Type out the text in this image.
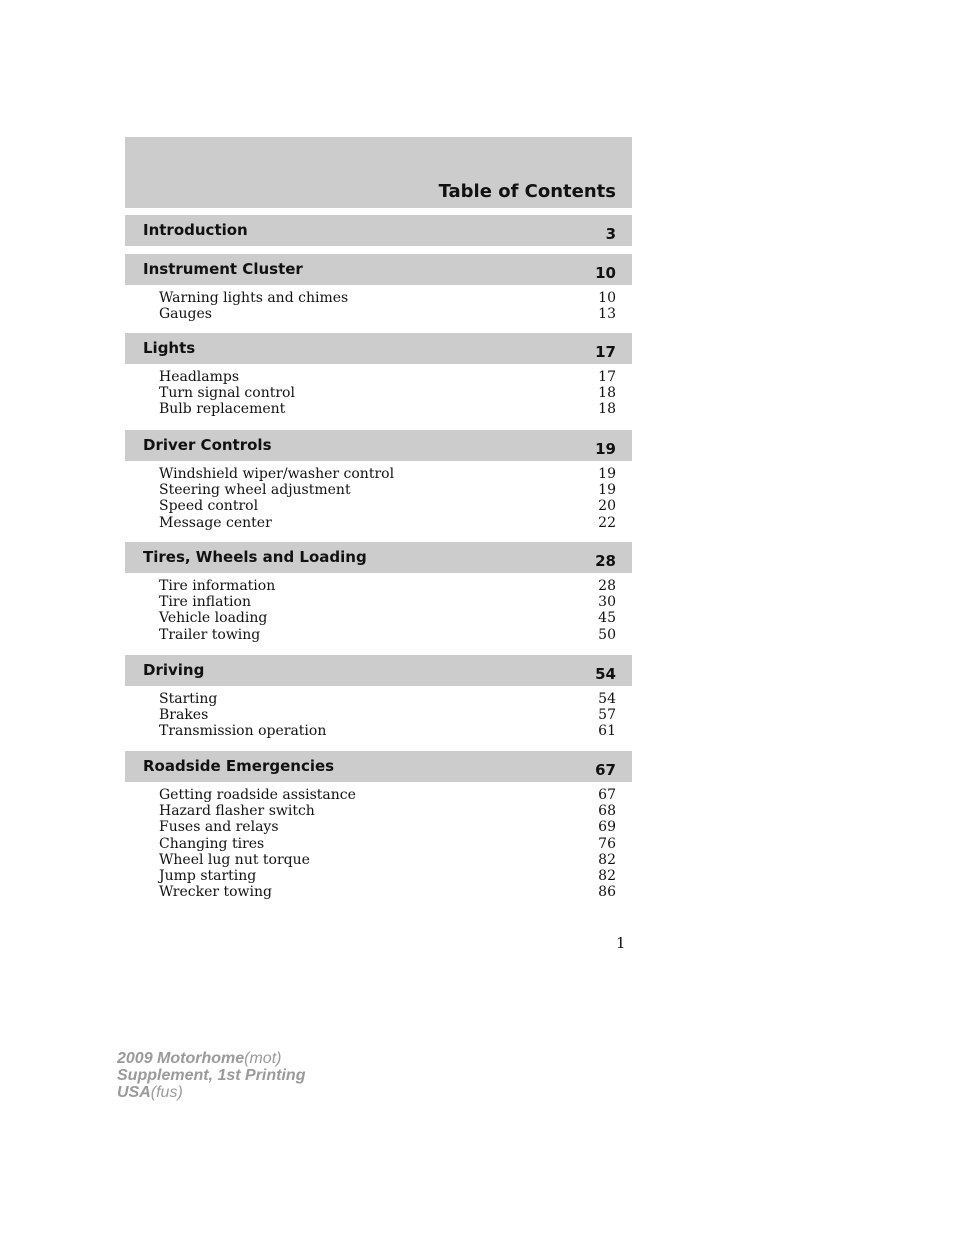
Table of Contents
Introduction	3
Instrument Cluster	10
Warning lights and chimes	10
Gauges	13
Lights	17
Headlamps	17
Turn signal control	18
Bulb replacement	18
Driver Controls	19
Windshield wiper/washer control	19
Steering wheel adjustment	19
Speed control	20
Message center	22
Tires, Wheels and Loading	28
Tire information	28
Tire inflation	30
Vehicle loading	45
Trailer towing	50
Driving	54
Starting	54
Brakes	57
Transmission operation	61
Roadside Emergencies	67
Getting roadside assistance	67
Hazard flasher switch	68
Fuses and relays	69
Changing tires	76
Wheel lug nut torque	82
Jump starting	82
Wrecker towing	86
1
2009 Motorhome(mot)
Supplement, 1st Printing
USA(fus)
